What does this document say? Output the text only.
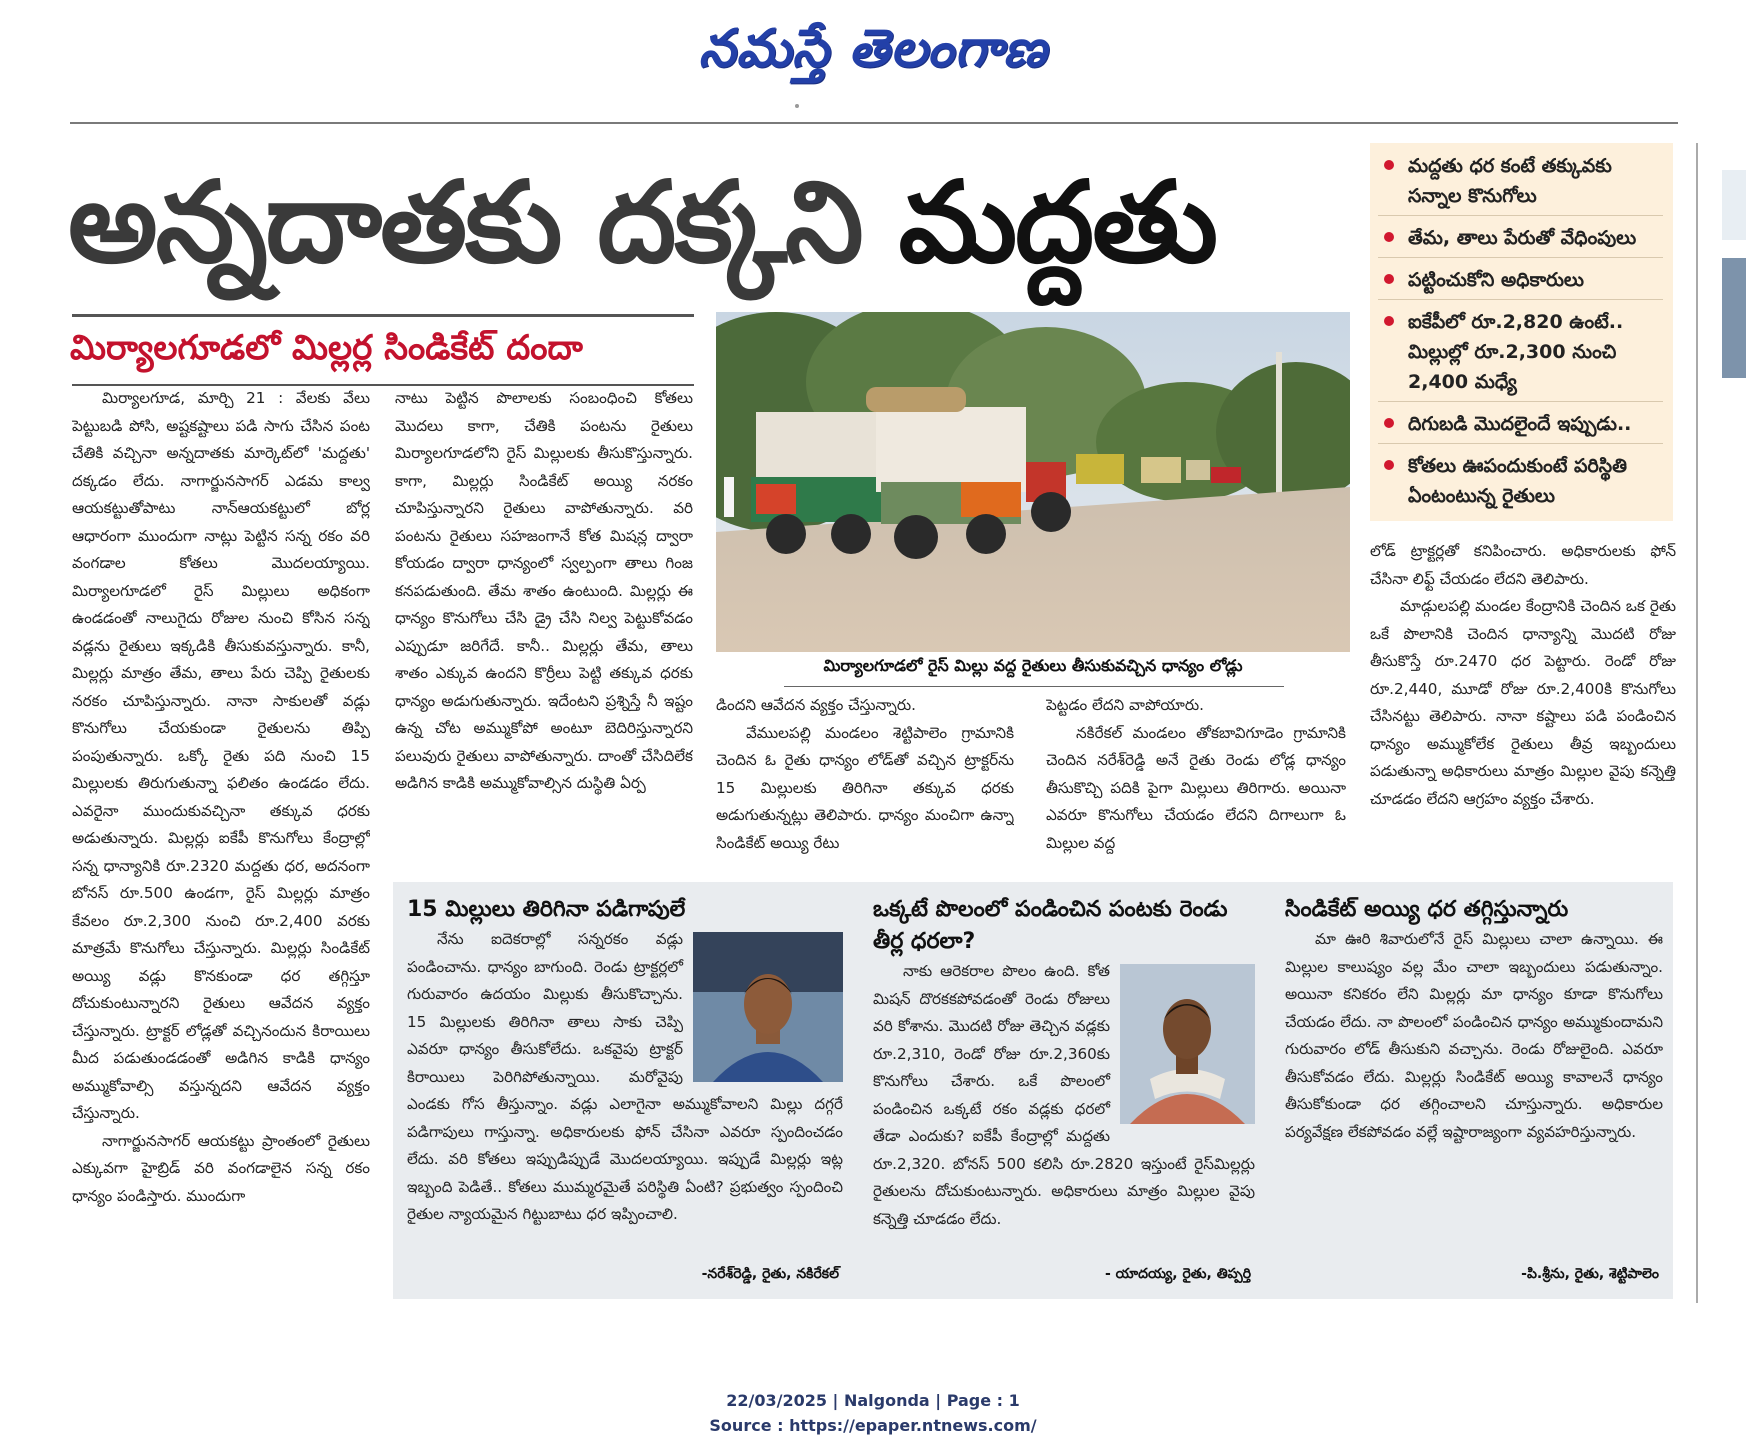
నమస్తే తెలంగాణ
అన్నదాతకు దక్కని మద్దతు
మిర్యాలగూడలో మిల్లర్ల సిండికేట్ దందా

మిర్యాలగూడ, మార్చి 21 : వేలకు వేలు పెట్టుబడి పోసి, అష్టకష్టాలు పడి సాగు చేసిన పంట చేతికి వచ్చినా అన్నదాతకు మార్కెట్‌లో 'మద్దతు' దక్కడం లేదు. నాగార్జునసాగర్ ఎడమ కాల్వ ఆయకట్టుతోపాటు నాన్‌ఆయకట్టులో బోర్ల ఆధారంగా ముందుగా నాట్లు పెట్టిన సన్న రకం వరి వంగడాల కోతలు మొదలయ్యాయి. మిర్యాలగూడలో రైస్ మిల్లులు అధికంగా ఉండడంతో నాలుగైదు రోజుల నుంచి కోసిన సన్న వడ్లను రైతులు ఇక్కడికి తీసుకువస్తున్నారు. కానీ, మిల్లర్లు మాత్రం తేమ, తాలు పేరు చెప్పి రైతులకు నరకం చూపిస్తున్నారు. నానా సాకులతో వడ్లు కొనుగోలు చేయకుండా రైతులను తిప్పి పంపుతున్నారు. ఒక్కో రైతు పది నుంచి 15 మిల్లులకు తిరుగుతున్నా ఫలితం ఉండడం లేదు. ఎవరైనా ముందుకువచ్చినా తక్కువ ధరకు అడుతున్నారు. మిల్లర్లు ఐకేపీ కొనుగోలు కేంద్రాల్లో సన్న ధాన్యానికి రూ.2320 మద్దతు ధర, అదనంగా బోనస్ రూ.500 ఉండగా, రైస్ మిల్లర్లు మాత్రం కేవలం రూ.2,300 నుంచి రూ.2,400 వరకు మాత్రమే కొనుగోలు చేస్తున్నారు. మిల్లర్లు సిండికేట్ అయ్యి వడ్లు కొనకుండా ధర తగ్గిస్తూ దోచుకుంటున్నారని రైతులు ఆవేదన వ్యక్తం చేస్తున్నారు. ట్రాక్టర్ లోడ్లతో వచ్చినందున కిరాయిలు మీద పడుతుండడంతో అడిగిన కాడికి ధాన్యం అమ్ముకోవాల్సి వస్తున్నదని ఆవేదన వ్యక్తం చేస్తున్నారు.

నాగార్జునసాగర్ ఆయకట్టు ప్రాంతంలో రైతులు ఎక్కువగా హైబ్రిడ్ వరి వంగడాలైన సన్న రకం ధాన్యం పండిస్తారు. ముందుగా

నాటు పెట్టిన పొలాలకు సంబంధించి కోతలు మొదలు కాగా, చేతికి పంటను రైతులు మిర్యాలగూడలోని రైస్ మిల్లులకు తీసుకొస్తున్నారు. కాగా, మిల్లర్లు సిండికేట్ అయ్యి నరకం చూపిస్తున్నారని రైతులు వాపోతున్నారు. వరి పంటను రైతులు సహజంగానే కోత మిషన్ల ద్వారా కోయడం ద్వారా ధాన్యంలో స్వల్పంగా తాలు గింజ కనపడుతుంది. తేమ శాతం ఉంటుంది. మిల్లర్లు ఈ ధాన్యం కొనుగోలు చేసి డ్రై చేసి నిల్వ పెట్టుకోవడం ఎప్పుడూ జరిగేదే. కానీ.. మిల్లర్లు తేమ, తాలు శాతం ఎక్కువ ఉందని కొర్రీలు పెట్టి తక్కువ ధరకు ధాన్యం అడుగుతున్నారు. ఇదేంటని ప్రశ్నిస్తే నీ ఇష్టం ఉన్న చోట అమ్ముకోపో అంటూ బెదిరిస్తున్నారని పలువురు రైతులు వాపోతున్నారు. దాంతో చేసిదిలేక అడిగిన కాడికి అమ్ముకోవాల్సిన దుస్థితి ఏర్ప

మిర్యాలగూడలో రైస్ మిల్లు వద్ద రైతులు తీసుకువచ్చిన ధాన్యం లోడ్లు

డిందని ఆవేదన వ్యక్తం చేస్తున్నారు.

వేములపల్లి మండలం శెట్టిపాలెం గ్రామానికి చెందిన ఓ రైతు ధాన్యం లోడ్‌తో వచ్చిన ట్రాక్టర్‌ను 15 మిల్లులకు తిరిగినా తక్కువ ధరకు అడుగుతున్నట్లు తెలిపారు. ధాన్యం మంచిగా ఉన్నా సిండికేట్ అయ్యి రేటు

పెట్టడం లేదని వాపోయారు.

నకిరేకల్ మండలం తోకబావిగూడెం గ్రామానికి చెందిన నరేశ్‌రెడ్డి అనే రైతు రెండు లోడ్ల ధాన్యం తీసుకొచ్చి పదికి పైగా మిల్లులు తిరిగారు. అయినా ఎవరూ కొనుగోలు చేయడం లేదని దిగాలుగా ఓ మిల్లుల వద్ద

మద్దతు ధర కంటే తక్కువకు సన్నాల కొనుగోలు
తేమ, తాలు పేరుతో వేధింపులు
పట్టించుకోని అధికారులు
ఐకేపీలో రూ.2,820 ఉంటే.. మిల్లుల్లో రూ.2,300 నుంచి 2,400 మధ్యే
దిగుబడి మొదలైందే ఇప్పుడు..
కోతలు ఊపందుకుంటే పరిస్థితి ఏంటంటున్న రైతులు

లోడ్ ట్రాక్టర్లతో కనిపించారు. అధికారులకు ఫోన్ చేసినా లిఫ్ట్ చేయడం లేదని తెలిపారు.

మాడ్గులపల్లి మండల కేంద్రానికి చెందిన ఒక రైతు ఒకే పొలానికి చెందిన ధాన్యాన్ని మొదటి రోజు తీసుకొస్తే రూ.2470 ధర పెట్టారు. రెండో రోజు రూ.2,440, మూడో రోజు రూ.2,400కి కొనుగోలు చేసినట్టు తెలిపారు. నానా కష్టాలు పడి పండించిన ధాన్యం అమ్ముకోలేక రైతులు తీవ్ర ఇబ్బందులు పడుతున్నా అధికారులు మాత్రం మిల్లుల వైపు కన్నెత్తి చూడడం లేదని ఆగ్రహం వ్యక్తం చేశారు.

15 మిల్లులు తిరిగినా పడిగాపులే

నేను ఐదెకరాల్లో సన్నరకం వడ్లు పండించాను. ధాన్యం బాగుంది. రెండు ట్రాక్టర్లలో గురువారం ఉదయం మిల్లుకు తీసుకొచ్చాను. 15 మిల్లులకు తిరిగినా తాలు సాకు చెప్పి ఎవరూ ధాన్యం తీసుకోలేదు. ఒకవైపు ట్రాక్టర్ కిరాయిలు పెరిగిపోతున్నాయి. మరోవైపు ఎండకు గోస తీస్తున్నాం. వడ్లు ఎలాగైనా అమ్ముకోవాలని మిల్లు దగ్గరే పడిగాపులు గాస్తున్నా. అధికారులకు ఫోన్ చేసినా ఎవరూ స్పందించడం లేదు. వరి కోతలు ఇప్పుడిప్పుడే మొదలయ్యాయి. ఇప్పుడే మిల్లర్లు ఇట్ల ఇబ్బంది పెడితే.. కోతలు ముమ్మరమైతే పరిస్థితి ఏంటి? ప్రభుత్వం స్పందించి రైతుల న్యాయమైన గిట్టుబాటు ధర ఇప్పించాలి.

-నరేశ్‌రెడ్డి, రైతు, నకిరేకల్
ఒక్కటే పొలంలో పండించిన పంటకు రెండు తీర్ల ధరలా?

నాకు ఆరెకరాల పొలం ఉంది. కోత మిషన్ దొరకకపోవడంతో రెండు రోజులు వరి కోశాను. మొదటి రోజు తెచ్చిన వడ్లకు రూ.2,310, రెండో రోజు రూ.2,360కు కొనుగోలు చేశారు. ఒకే పొలంలో పండించిన ఒక్కటే రకం వడ్లకు ధరలో తేడా ఎందుకు? ఐకేపీ కేంద్రాల్లో మద్దతు రూ.2,320. బోనస్ 500 కలిసి రూ.2820 ఇస్తుంటే రైస్‌మిల్లర్లు రైతులను దోచుకుంటున్నారు. అధికారులు మాత్రం మిల్లుల వైపు కన్నెత్తి చూడడం లేదు.

- యాదయ్య, రైతు, తిప్పర్తి
సిండికేట్ అయ్యి ధర తగ్గిస్తున్నారు

మా ఊరి శివారులోనే రైస్ మిల్లులు చాలా ఉన్నాయి. ఈ మిల్లుల కాలుష్యం వల్ల మేం చాలా ఇబ్బందులు పడుతున్నాం. అయినా కనికరం లేని మిల్లర్లు మా ధాన్యం కూడా కొనుగోలు చేయడం లేదు. నా పొలంలో పండించిన ధాన్యం అమ్ముకుందామని గురువారం లోడ్ తీసుకుని వచ్చాను. రెండు రోజులైంది. ఎవరూ తీసుకోవడం లేదు. మిల్లర్లు సిండికేట్ అయ్యి కావాలనే ధాన్యం తీసుకోకుండా ధర తగ్గించాలని చూస్తున్నారు. అధికారుల పర్యవేక్షణ లేకపోవడం వల్లే ఇష్టారాజ్యంగా వ్యవహరిస్తున్నారు.

-పి.శ్రీను, రైతు, శెట్టిపాలెం
22/03/2025 | Nalgonda | Page : 1
Source : https://epaper.ntnews.com/
